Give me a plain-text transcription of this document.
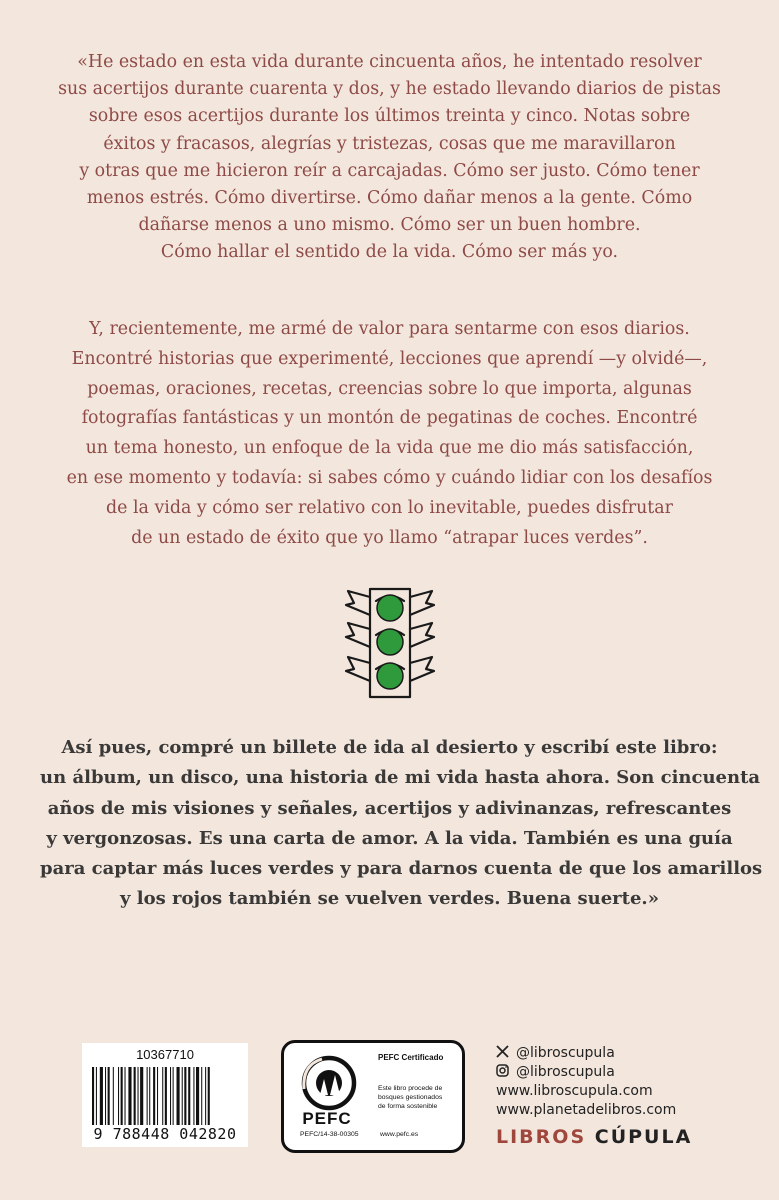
«He estado en esta vida durante cincuenta años, he intentado resolver
sus acertijos durante cuarenta y dos, y he estado llevando diarios de pistas
sobre esos acertijos durante los últimos treinta y cinco. Notas sobre
éxitos y fracasos, alegrías y tristezas, cosas que me maravillaron
y otras que me hicieron reír a carcajadas. Cómo ser justo. Cómo tener
menos estrés. Cómo divertirse. Cómo dañar menos a la gente. Cómo
dañarse menos a uno mismo. Cómo ser un buen hombre.
Cómo hallar el sentido de la vida. Cómo ser más yo.
Y, recientemente, me armé de valor para sentarme con esos diarios.
Encontré historias que experimenté, lecciones que aprendí —y olvidé—,
poemas, oraciones, recetas, creencias sobre lo que importa, algunas
fotografías fantásticas y un montón de pegatinas de coches. Encontré
un tema honesto, un enfoque de la vida que me dio más satisfacción,
en ese momento y todavía: si sabes cómo y cuándo lidiar con los desafíos
de la vida y cómo ser relativo con lo inevitable, puedes disfrutar
de un estado de éxito que yo llamo “atrapar luces verdes”.
Así pues, compré un billete de ida al desierto y escribí este libro:
un álbum, un disco, una historia de mi vida hasta ahora. Son cincuenta
años de mis visiones y señales, acertijos y adivinanzas, refrescantes
y vergonzosas. Es una carta de amor. A la vida. También es una guía
para captar más luces verdes y para darnos cuenta de que los amarillos
y los rojos también se vuelven verdes. Buena suerte.»
10367710
9 788448 042820
PEFC
PEFC Certificado
Este libro procede de
bosques gestionados
de forma sostenible
PEFC/14-38-00305	www.pefc.es
@libroscupula
@libroscupula
www.libroscupula.com
www.planetadelibros.com
LIBROS CÚPULA
